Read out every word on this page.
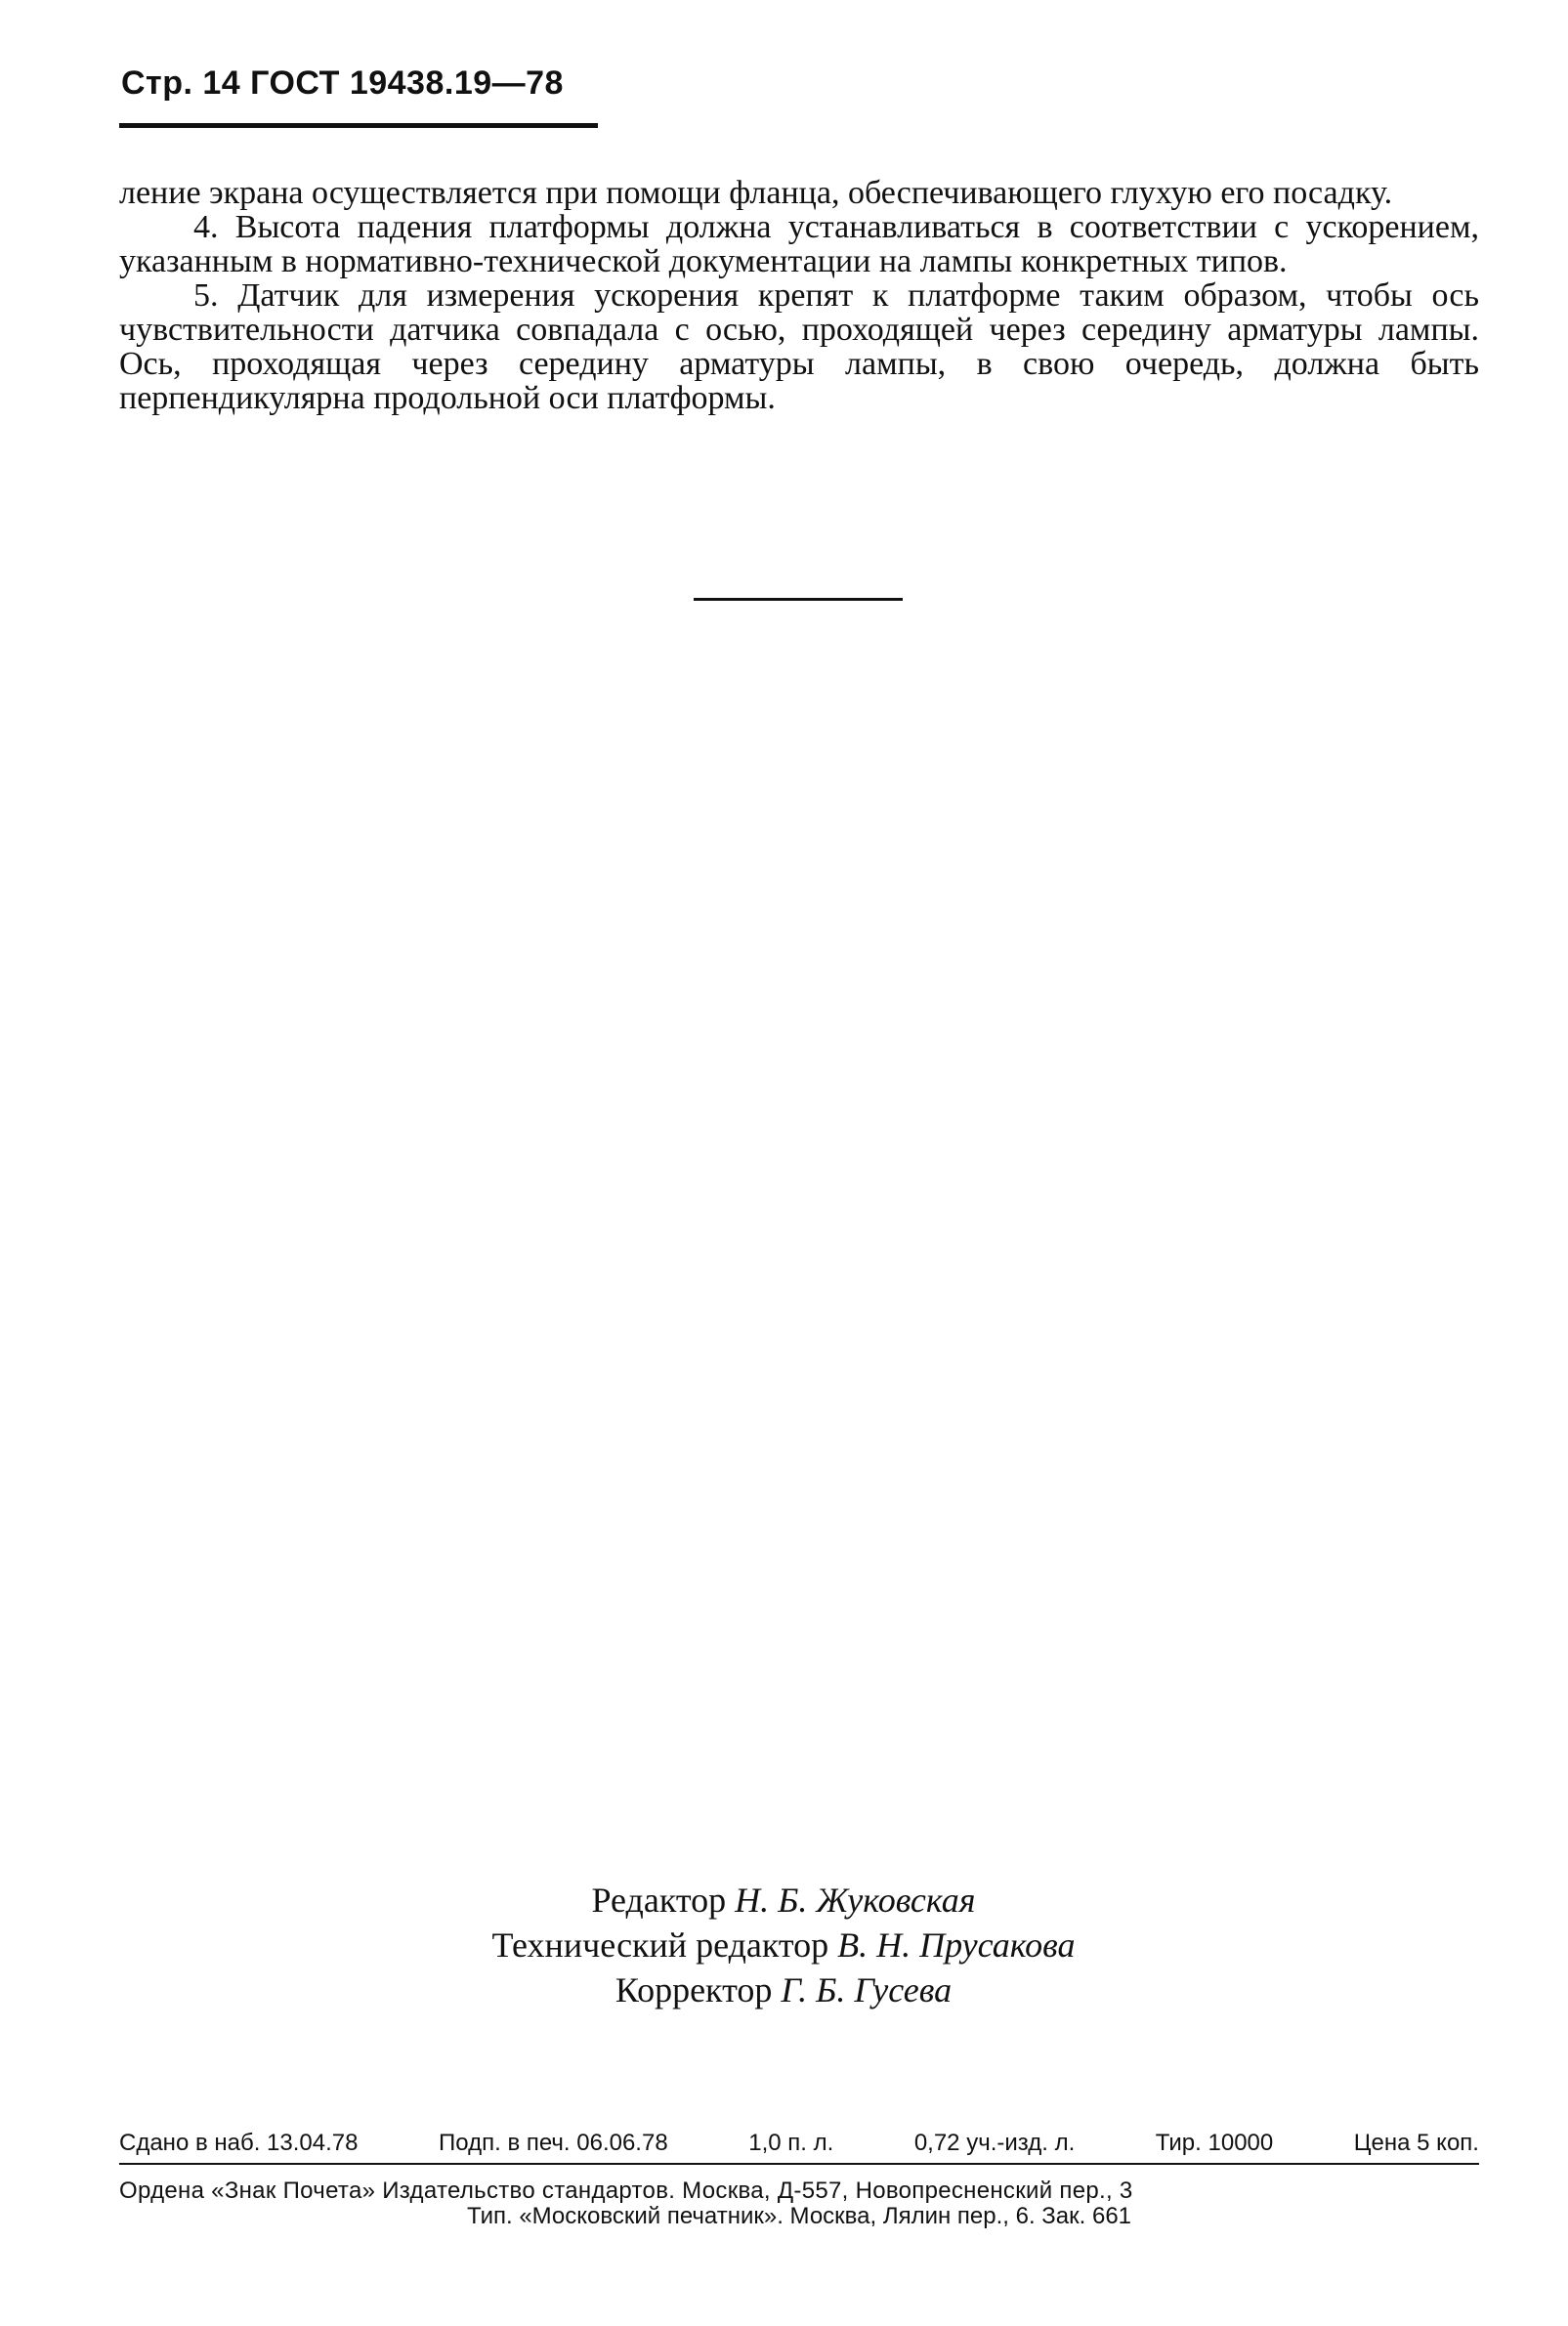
Стр. 14 ГОСТ 19438.19—78

ление экрана осуществляется при помощи фланца, обеспечивающего глухую его посадку.

4. Высота падения платформы должна устанавливаться в соответствии с ускорением, указанным в нормативно-технической документации на лампы конкретных типов.

5. Датчик для измерения ускорения крепят к платформе таким образом, чтобы ось чувствительности датчика совпадала с осью, проходящей через середину арматуры лампы. Ось, проходящая через середину арматуры лампы, в свою очередь, должна быть перпендикулярна продольной оси платформы.

Редактор Н. Б. Жуковская
Технический редактор В. Н. Прусакова
Корректор Г. Б. Гусева
Сдано в наб. 13.04.78	Подп. в печ. 06.06.78	1,0 п. л.	0,72 уч.-изд. л.	Тир. 10000	Цена 5 коп.
Ордена «Знак Почета» Издательство стандартов. Москва, Д-557, Новопресненский пер., 3
Тип. «Московский печатник». Москва, Лялин пер., 6. Зак. 661
